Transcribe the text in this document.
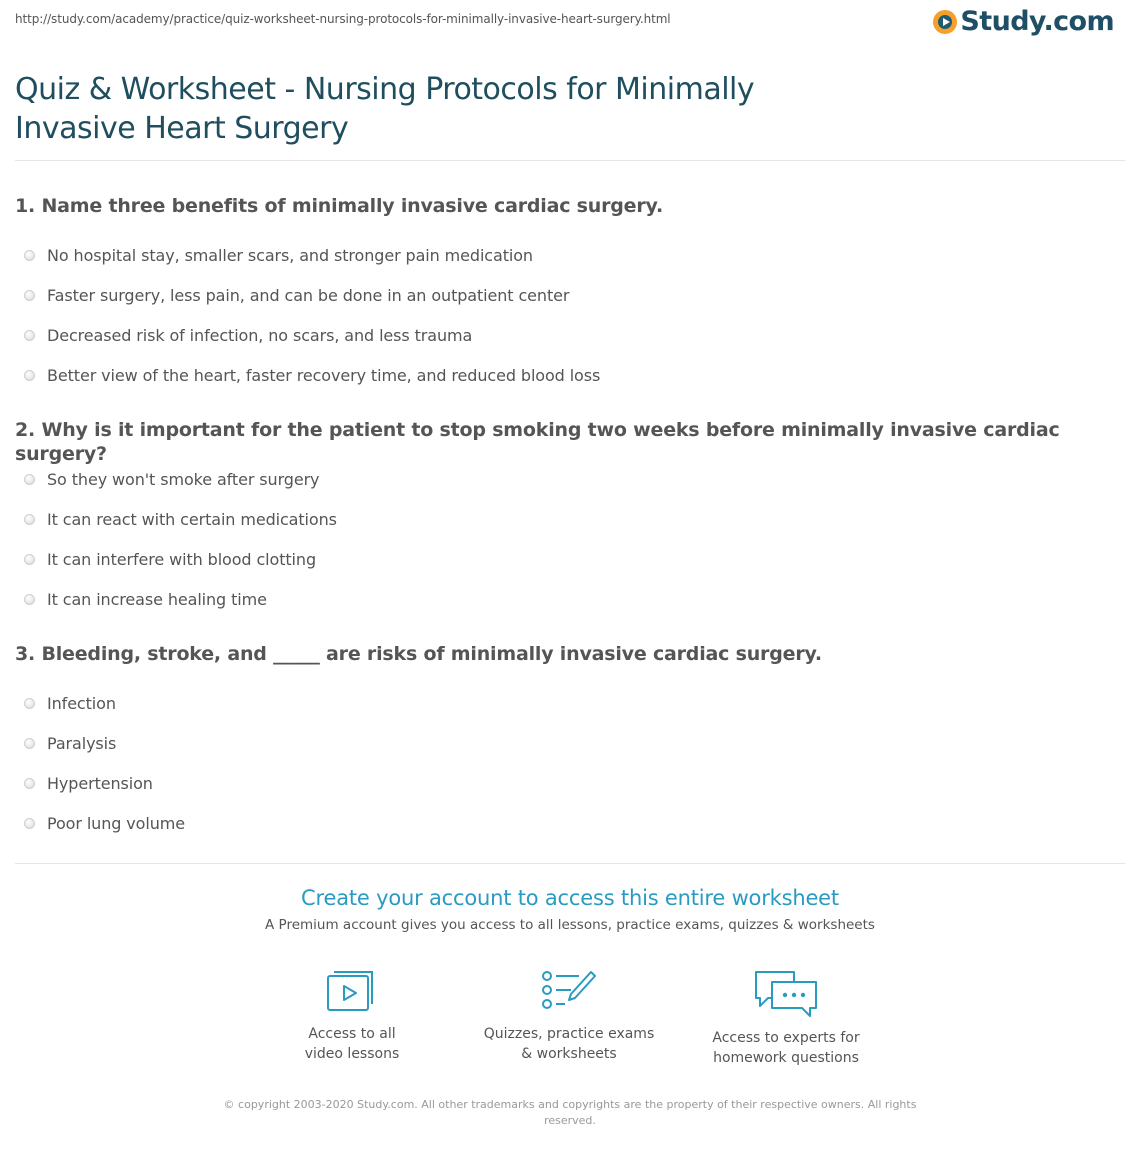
http://study.com/academy/practice/quiz-worksheet-nursing-protocols-for-minimally-invasive-heart-surgery.html	Study.com
Quiz & Worksheet - Nursing Protocols for Minimally Invasive Heart Surgery
1. Name three benefits of minimally invasive cardiac surgery.
No hospital stay, smaller scars, and stronger pain medication
Faster surgery, less pain, and can be done in an outpatient center
Decreased risk of infection, no scars, and less trauma
Better view of the heart, faster recovery time, and reduced blood loss
2. Why is it important for the patient to stop smoking two weeks before minimally invasive cardiac surgery?
So they won't smoke after surgery
It can react with certain medications
It can interfere with blood clotting
It can increase healing time
3. Bleeding, stroke, and _____ are risks of minimally invasive cardiac surgery.
Infection
Paralysis
Hypertension
Poor lung volume
Create your account to access this entire worksheet
A Premium account gives you access to all lessons, practice exams, quizzes & worksheets
Access to all
video lessons
Quizzes, practice exams
& worksheets
Access to experts for
homework questions
© copyright 2003-2020 Study.com. All other trademarks and copyrights are the property of their respective owners. All rights reserved.
